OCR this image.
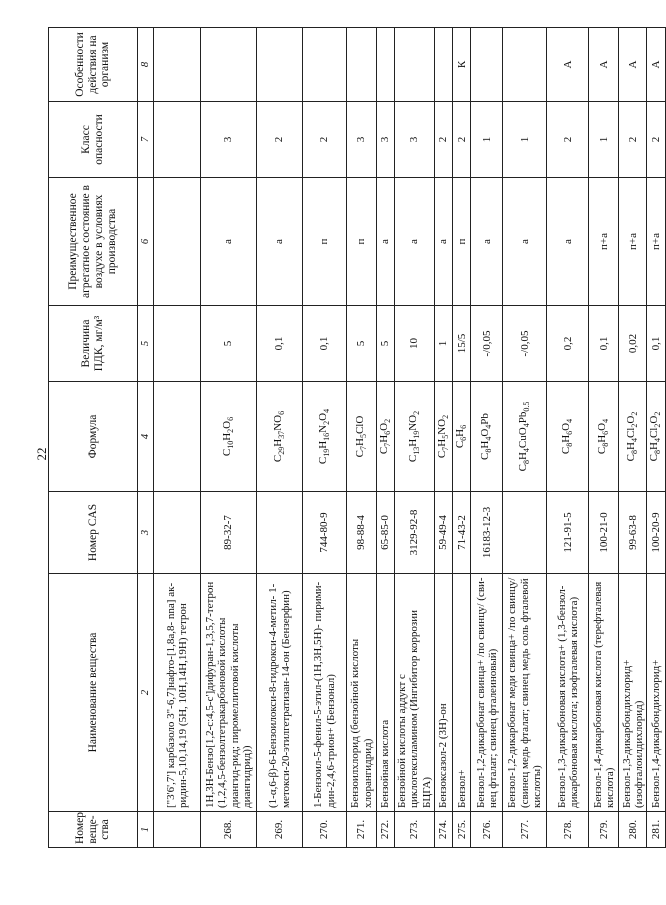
22
Номер веще-ства	Наименование вещества	Номер CAS	Формула	Величина ПДК, мг/м³	Преимущественное агрегатное состояние в воздухе в условиях производства	Класс опасности	Особенности действия на организм
1	2	3	4	5	6	7	8
	["3'6',7'] карбазоло 3"-6,7]нафто-[1,8a,8- nna] ак-ридин-5,10,14,19 (5Н, 10Н,14Н,19Н) тетрон						
268.	1Н,3Н-Бензо[1,2-c:4,5-c']дифуран-1,3,5,7-тетрон (1,2,4,5-бензолтетракарбоновой кислоты диангид-рид; пиромеллитовой кислоты диангидрид))	89-32-7	$C_{10}H_2O_6$	5	а	3	
269.	(1-α,6-β)-6-Бензоилокси-8-гидрокси-4-метил- 1-метокси-20-этилгетратизан-14-он (Бензерфин)		$C_{29}H_{37}NO_6$	0,1	а	2	
270.	1-Бензоил-5-фенил-5-этил-(1Н,3Н,5Н)- пирими-дин-2,4,6-трион+ (Бензонал)	744-80-9	$C_{19}H_{16}N_2O_4$	0,1	п	2	
271.	Бензоилхлорид (бензойной кислоты хлорангидрид)	98-88-4	$C_7H_5ClO$	5	п	3	
272.	Бензойная кислота	65-85-0	$C_7H_6O_2$	5	а	3	
273.	Бензойной кислоты аддукт с циклогексиламином (Ингибитор коррозии БЦГА)	3129-92-8	$C_{13}H_{19}NO_2$	10	а	3	
274.	Бензоксазол-2 (3Н)-он	59-49-4	$C_7H_5NO_2$	1	а	2	
275.	Бензол+	71-43-2	$C_6H_6$	15/5	п	2	К
276.	Бензол-1,2-дикарбонат свинца+ /по свинцу/ (сви-нец фталат; свинец фталеиновый)	16183-12-3	$C_8H_4O_4Pb$	-/0,05	а	1	
277.	Бензол-1,2-дикарбонат меди свинца+ /по свинцу/ (свинец медь фталат; свинец медь соль фталевой кислоты)		$C_8H_4CuO_4Pb_{0.5}$	-/0,05	а	1	
278.	Бензол-1,3-дикарбоновая кислота+ (1,3-бензол-дикарбоновая кислота; изофталевая кислота)	121-91-5	$C_8H_6O_4$	0,2	а	2	А
279.	Бензол-1,4-дикарбоновая кислота (терефталевая кислота)	100-21-0	$C_8H_6O_4$	0,1	п+а	1	А
280.	Бензол-1,3-дикарбондихлорид+ (изофталоилдихлорид)	99-63-8	$C_8H_4Cl_2O_2$	0,02	п+а	2	А
281.	Бензол-1,4-дикарбондихлорид+	100-20-9	$C_8H_4Cl_2O_2$	0,1	п+а	2	А
